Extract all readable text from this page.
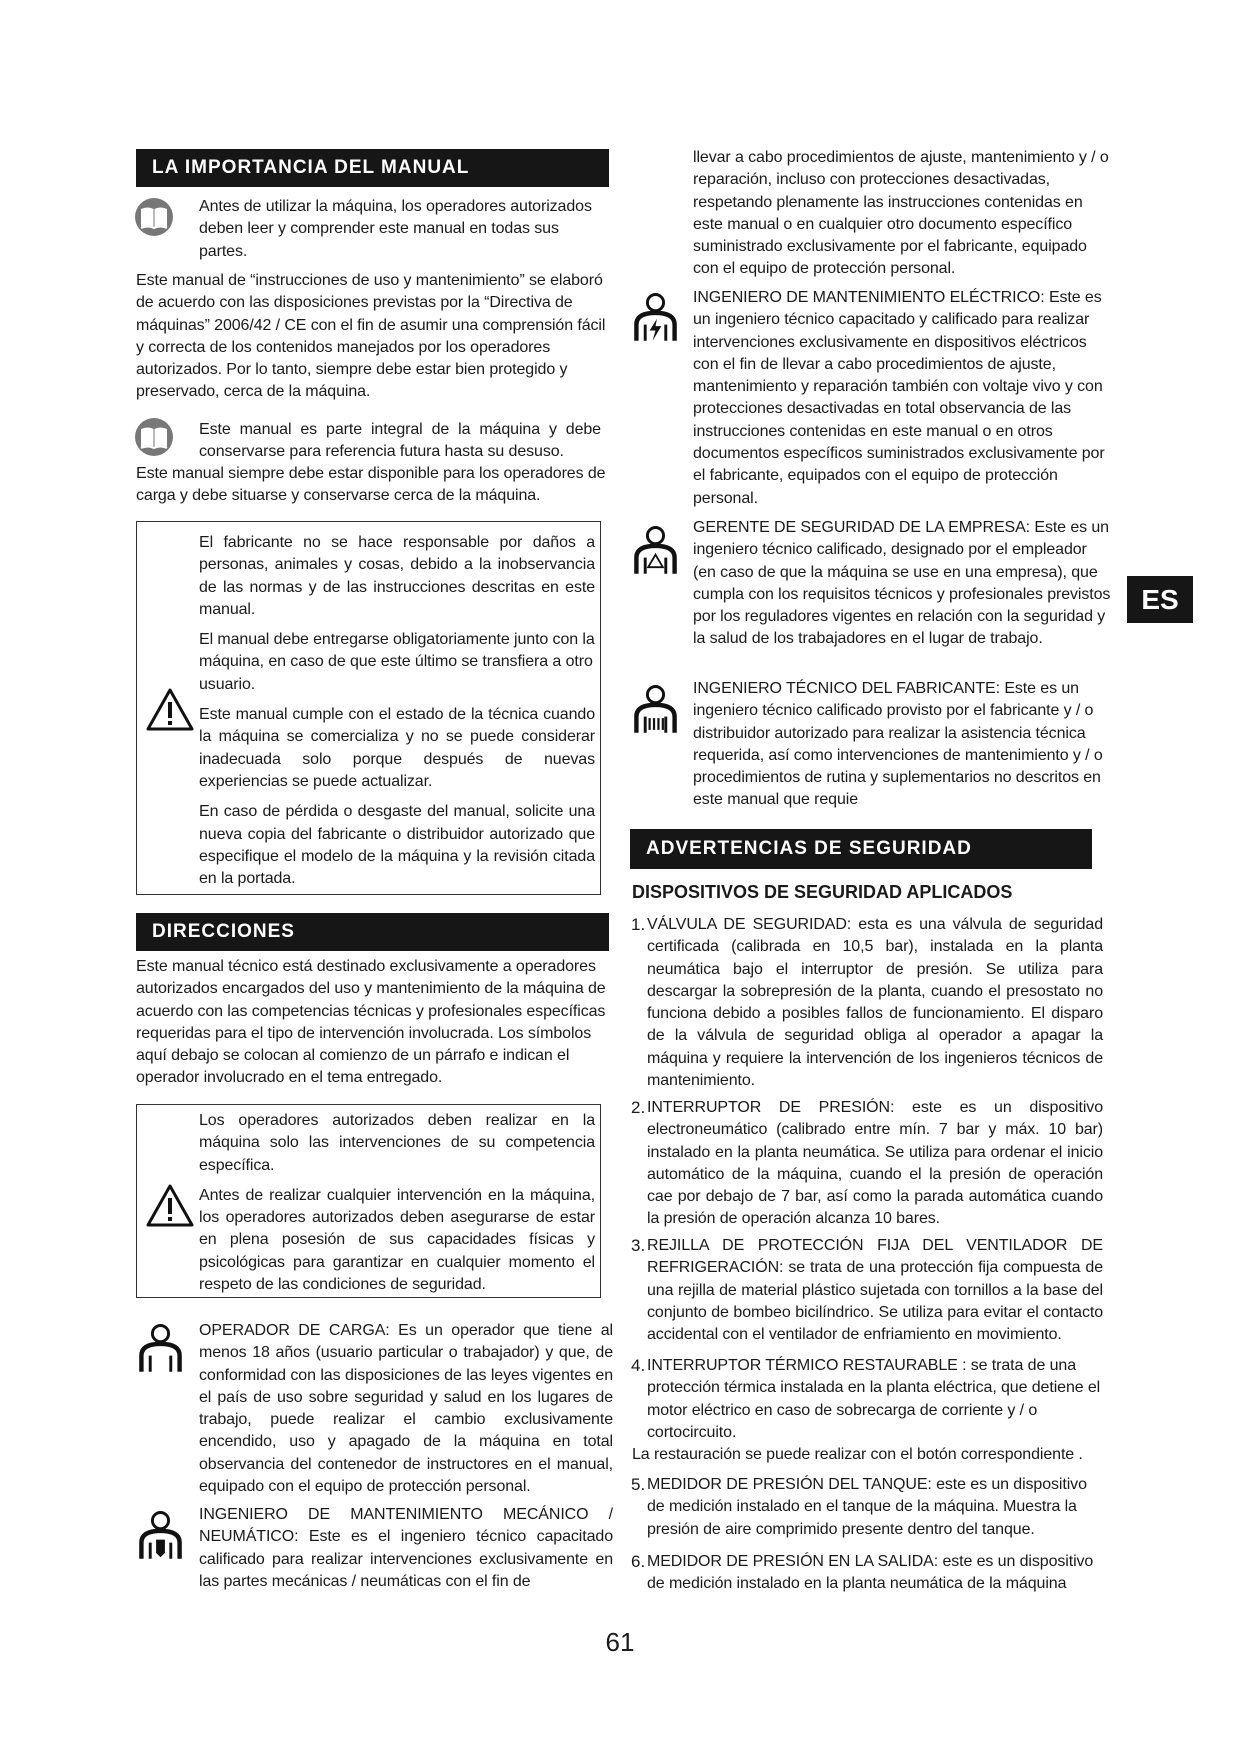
LA IMPORTANCIA DEL MANUAL
Antes de utilizar la máquina, los operadores autorizados deben leer y comprender este manual en todas sus partes.
Este manual de “instrucciones de uso y mantenimiento” se elaboró de acuerdo con las disposiciones previstas por la “Directiva de máquinas” 2006/42 / CE con el fin de asumir una comprensión fácil y correcta de los contenidos manejados por los operadores autorizados. Por lo tanto, siempre debe estar bien protegido y preservado, cerca de la máquina.
Este manual es parte integral de la máquina y debe conservarse para referencia futura hasta su desuso.
Este manual siempre debe estar disponible para los operadores de carga y debe situarse y conservarse cerca de la máquina.

El fabricante no se hace responsable por daños a personas, animales y cosas, debido a la inobservancia de las normas y de las instrucciones descritas en este manual.

El manual debe entregarse obligatoriamente junto con la máquina, en caso de que este último se transfiera a otro usuario.

Este manual cumple con el estado de la técnica cuando la máquina se comercializa y no se puede considerar inadecuada solo porque después de nuevas experiencias se puede actualizar.

En caso de pérdida o desgaste del manual, solicite una nueva copia del fabricante o distribuidor autorizado que especifique el modelo de la máquina y la revisión citada en la portada.

DIRECCIONES
Este manual técnico está destinado exclusivamente a operadores autorizados encargados del uso y mantenimiento de la máquina de acuerdo con las competencias técnicas y profesionales específicas requeridas para el tipo de intervención involucrada. Los símbolos aquí debajo se colocan al comienzo de un párrafo e indican el operador involucrado en el tema entregado.

Los operadores autorizados deben realizar en la máquina solo las intervenciones de su competencia específica.

Antes de realizar cualquier intervención en la máquina, los operadores autorizados deben asegurarse de estar en plena posesión de sus capacidades físicas y psicológicas para garantizar en cualquier momento el respeto de las condiciones de seguridad.

OPERADOR DE CARGA: Es un operador que tiene al menos 18 años (usuario particular o trabajador) y que, de conformidad con las disposiciones de las leyes vigentes en el país de uso sobre seguridad y salud en los lugares de trabajo, puede realizar el cambio exclusivamente encendido, uso y apagado de la máquina en total observancia del contenedor de instructores en el manual, equipado con el equipo de protección personal.
INGENIERO DE MANTENIMIENTO MECÁNICO / NEUMÁTICO: Este es el ingeniero técnico capacitado calificado para realizar intervenciones exclusivamente en las partes mecánicas / neumáticas con el fin de
llevar a cabo procedimientos de ajuste, mantenimiento y / o reparación, incluso con protecciones desactivadas, respetando plenamente las instrucciones contenidas en este manual o en cualquier otro documento específico suministrado exclusivamente por el fabricante, equipado con el equipo de protección personal.
INGENIERO DE MANTENIMIENTO ELÉCTRICO: Este es un ingeniero técnico capacitado y calificado para realizar intervenciones exclusivamente en dispositivos eléctricos con el fin de llevar a cabo procedimientos de ajuste, mantenimiento y reparación también con voltaje vivo y con protecciones desactivadas en total observancia de las instrucciones contenidas en este manual o en otros documentos específicos suministrados exclusivamente por el fabricante, equipados con el equipo de protección personal.
GERENTE DE SEGURIDAD DE LA EMPRESA: Este es un ingeniero técnico calificado, designado por el empleador (en caso de que la máquina se use en una empresa), que cumpla con los requisitos técnicos y profesionales previstos por los reguladores vigentes en relación con la seguridad y la salud de los trabajadores en el lugar de trabajo.
INGENIERO TÉCNICO DEL FABRICANTE: Este es un ingeniero técnico calificado provisto por el fabricante y / o distribuidor autorizado para realizar la asistencia técnica requerida, así como intervenciones de mantenimiento y / o procedimientos de rutina y suplementarios no descritos en este manual que requie
ADVERTENCIAS DE SEGURIDAD
DISPOSITIVOS DE SEGURIDAD APLICADOS
1. VÁLVULA DE SEGURIDAD: esta es una válvula de seguridad certificada (calibrada en 10,5 bar), instalada en la planta neumática bajo el interruptor de presión. Se utiliza para descargar la sobrepresión de la planta, cuando el presostato no funciona debido a posibles fallos de funcionamiento. El disparo de la válvula de seguridad obliga al operador a apagar la máquina y requiere la intervención de los ingenieros técnicos de mantenimiento.
2. INTERRUPTOR DE PRESIÓN: este es un dispositivo electroneumático (calibrado entre mín. 7 bar y máx. 10 bar) instalado en la planta neumática. Se utiliza para ordenar el inicio automático de la máquina, cuando el la presión de operación cae por debajo de 7 bar, así como la parada automática cuando la presión de operación alcanza 10 bares.
3. REJILLA DE PROTECCIÓN FIJA DEL VENTILADOR DE REFRIGERACIÓN: se trata de una protección fija compuesta de una rejilla de material plástico sujetada con tornillos a la base del conjunto de bombeo bicilíndrico. Se utiliza para evitar el contacto accidental con el ventilador de enfriamiento en movimiento.
4. INTERRUPTOR TÉRMICO RESTAURABLE : se trata de una protección térmica instalada en la planta eléctrica, que detiene el motor eléctrico en caso de sobrecarga de corriente y / o cortocircuito.
La restauración se puede realizar con el botón correspondiente .
5. MEDIDOR DE PRESIÓN DEL TANQUE: este es un dispositivo de medición instalado en el tanque de la máquina. Muestra la presión de aire comprimido presente dentro del tanque.
6. MEDIDOR DE PRESIÓN EN LA SALIDA: este es un dispositivo de medición instalado en la planta neumática de la máquina
ES
61
